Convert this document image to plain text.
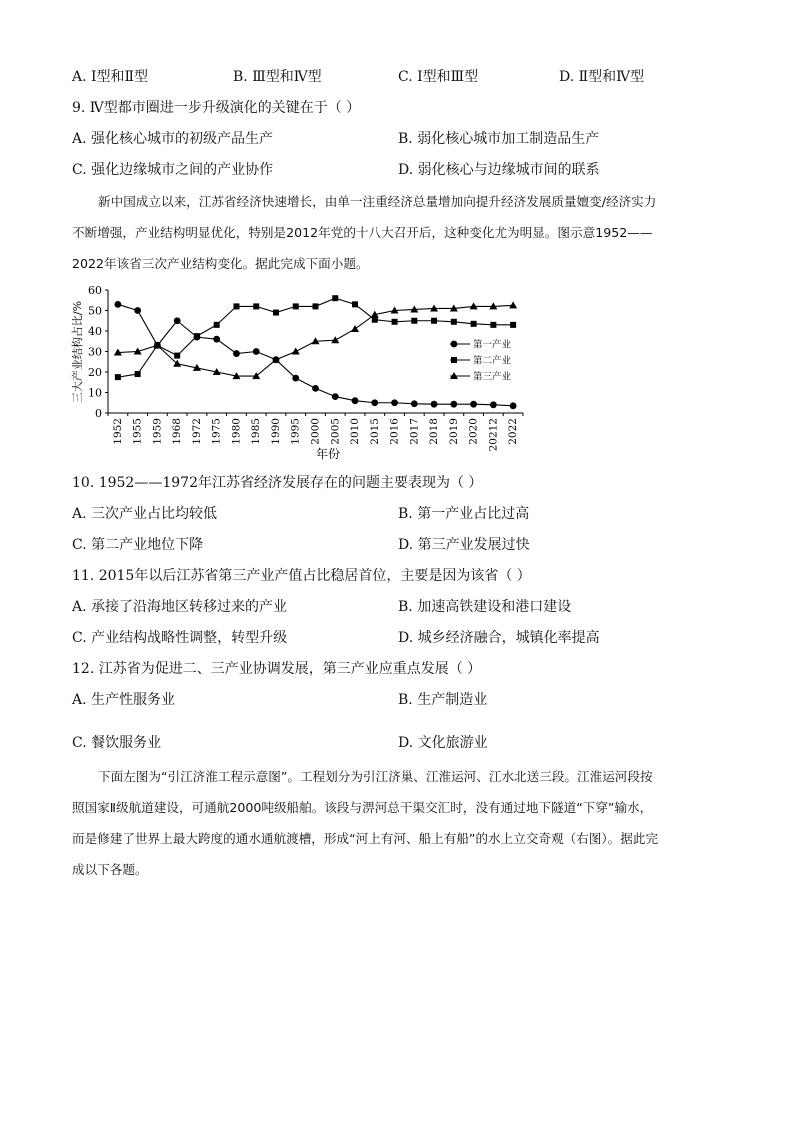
A. Ⅰ型和Ⅱ型	B. Ⅲ型和Ⅳ型	C. Ⅰ型和Ⅲ型	D. Ⅱ型和Ⅳ型
9. Ⅳ型都市圈进一步升级演化的关键在于（ ）
A. 强化核心城市的初级产品生产	B. 弱化核心城市加工制造品生产
C. 强化边缘城市之间的产业协作	D. 弱化核心与边缘城市间的联系
新中国成立以来，江苏省经济快速增长，由单一注重经济总量增加向提升经济发展质量嬗变/经济实力
不断增强，产业结构明显优化，特别是2012年党的十八大召开后，这种变化尤为明显。图示意1952——
2022年该省三次产业结构变化。据此完成下面小题。
0
10
20
30
40
50
60
1952 1955 1959 1968 1972 1975 1980 1985 1990 1995 2000 2005 2010 2015 2016 2017 2018 2019 2020 20212 2022
第一产业
第二产业
第三产业
三大产业结构占比/%
年份
10. 1952——1972年江苏省经济发展存在的问题主要表现为（ ）
A. 三次产业占比均较低	B. 第一产业占比过高
C. 第二产业地位下降	D. 第三产业发展过快
11. 2015年以后江苏省第三产业产值占比稳居首位，主要是因为该省（ ）
A. 承接了沿海地区转移过来的产业	B. 加速高铁建设和港口建设
C. 产业结构战略性调整，转型升级	D. 城乡经济融合，城镇化率提高
12. 江苏省为促进二、三产业协调发展，第三产业应重点发展（ ）
A. 生产性服务业	B. 生产制造业
C. 餐饮服务业	D. 文化旅游业
下面左图为“引江济淮工程示意图”。工程划分为引江济巢、江淮运河、江水北送三段。江淮运河段按
照国家Ⅱ级航道建设，可通航2000吨级船舶。该段与淠河总干渠交汇时，没有通过地下隧道“下穿”输水，
而是修建了世界上最大跨度的通水通航渡槽，形成“河上有河、船上有船”的水上立交奇观（右图）。据此完
成以下各题。
